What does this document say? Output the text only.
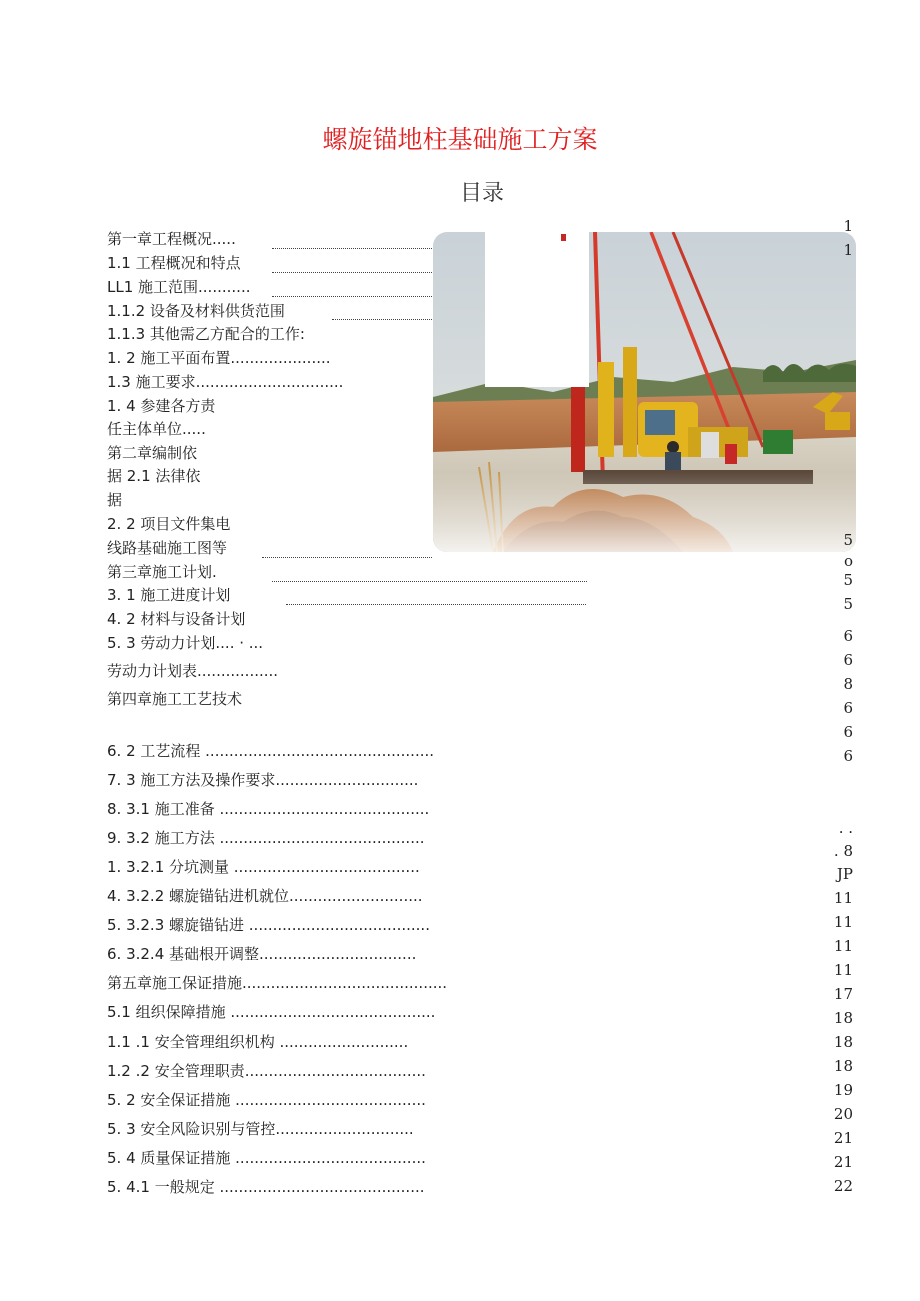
螺旋锚地柱基础施工方案
目录
第一章工程概况.....
1.1 工程概况和特点
LL1 施工范围...........
1.1.2 设备及材料供货范围
1.1.3 其他需乙方配合的工作:
1. 2 施工平面布置.....................
1.3 施工要求...............................
1. 4 参建各方责
任主体单位.....
第二章编制依
据 2.1 法律依
据
2. 2 项目文件集电
线路基础施工图等
第三章施工计划.
3. 1 施工进度计划
4. 2 材料与设备计划
5. 3 劳动力计划.... · ...
劳动力计划表.................
第四章施工工艺技术
6. 2 工艺流程 ................................................
7. 3 施工方法及操作要求..............................
8. 3.1 施工准备 ............................................
9. 3.2 施工方法 ...........................................
1. 3.2.1 分坑测量 .......................................
4. 3.2.2 螺旋锚钻进机就位............................
5. 3.2.3 螺旋锚钻进 ......................................
6. 3.2.4 基础根开调整.................................
第五章施工保证措施...........................................
5.1 组织保障措施 ...........................................
1.1 .1 安全管理组织机构 ...........................
1.2 .2 安全管理职责......................................
5. 2 安全保证措施 ........................................
5. 3 安全风险识别与管控.............................
5. 4 质量保证措施 ........................................
5. 4.1 一般规定 ...........................................
1
1
5
o
5
5
6
6
8
6
6
6
. .
. 8
JP
11
11
11
11
17
18
18
18
19
20
21
21
22
